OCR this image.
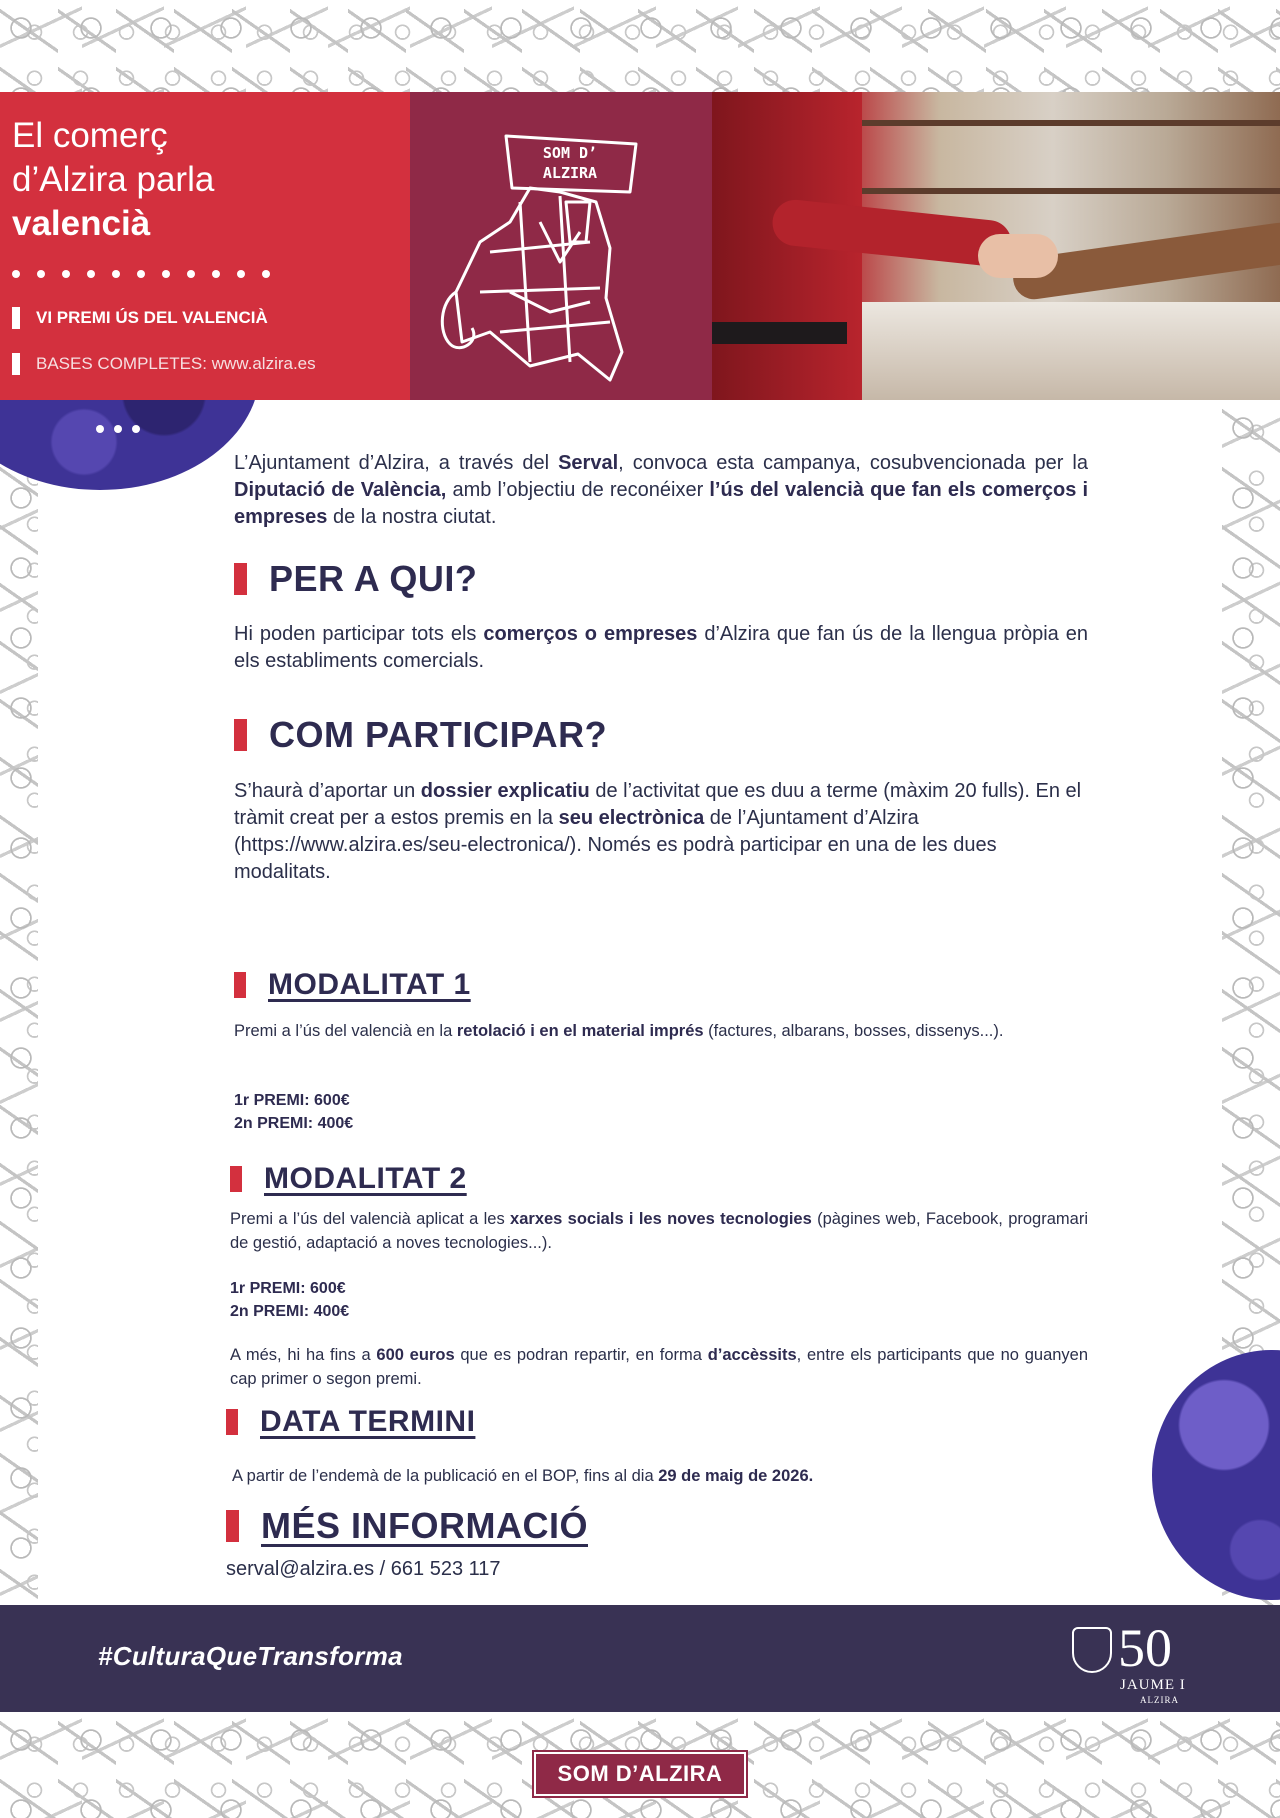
El comerç
d’Alzira parla
valencià
VI PREMI ÚS DEL VALENCIÀ
BASES COMPLETES: www.alzira.es
SOM D’
ALZIRA

L’Ajuntament d’Alzira, a través del Serval, convoca esta campanya, cosubvencionada per la Diputació de València, amb l’objectiu de reconéixer l’ús del valencià que fan els comerços i empreses de la nostra ciutat.

PER A QUI?

Hi poden participar tots els comerços o empreses d’Alzira que fan ús de la llengua pròpia en els establiments comercials.

COM PARTICIPAR?

S’haurà d’aportar un dossier explicatiu de l’activitat que es duu a terme (màxim 20 fulls). En el tràmit creat per a estos premis en la seu electrònica de l’Ajuntament d’Alzira (https://www.alzira.es/seu-electronica/). Només es podrà participar en una de les dues modalitats.

MODALITAT 1

Premi a l’ús del valencià en la retolació i en el material imprés (factures, albarans, bosses, dissenys...).

1r PREMI: 600€
2n PREMI: 400€
MODALITAT 2

Premi a l’ús del valencià aplicat a les xarxes socials i les noves tecnologies (pàgines web, Facebook, programari de gestió, adaptació a noves tecnologies...).

1r PREMI: 600€
2n PREMI: 400€

A més, hi ha fins a 600 euros que es podran repartir, en forma d’accèssits, entre els participants que no guanyen cap primer o segon premi.

DATA TERMINI

A partir de l’endemà de la publicació en el BOP, fins al dia 29 de maig de 2026.

MÉS INFORMACIÓ
serval@alzira.es / 661 523 117
#CulturaQueTransforma	50
JAUME I
ALZIRA
SOM D’ALZIRA
